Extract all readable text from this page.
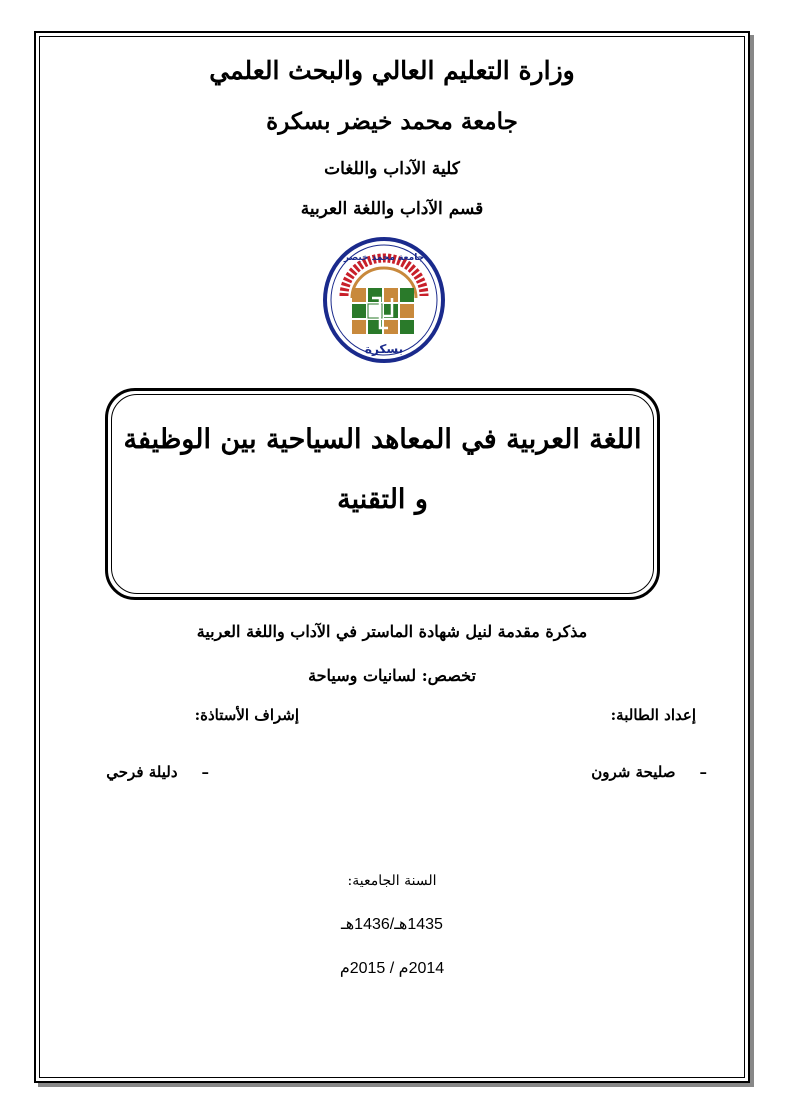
وزارة التعليم العالي والبحث العلمي
جامعة محمد خيضر بسكرة
كلية الآداب واللغات
قسم الآداب واللغة العربية
جامعة محمد خيضر
بسكرة
اللغة العربية في المعاهد السياحية بين الوظيفة و التقنية
مذكرة مقدمة لنيل شهادة الماستر في الآداب واللغة العربية
تخصص: لسانيات وسياحة
إعداد الطالبة:
إشراف الأستاذة:
–صليحة شرون
–دليلة فرحي
السنة الجامعية:
1435هـ/1436هـ
2014م / 2015م
